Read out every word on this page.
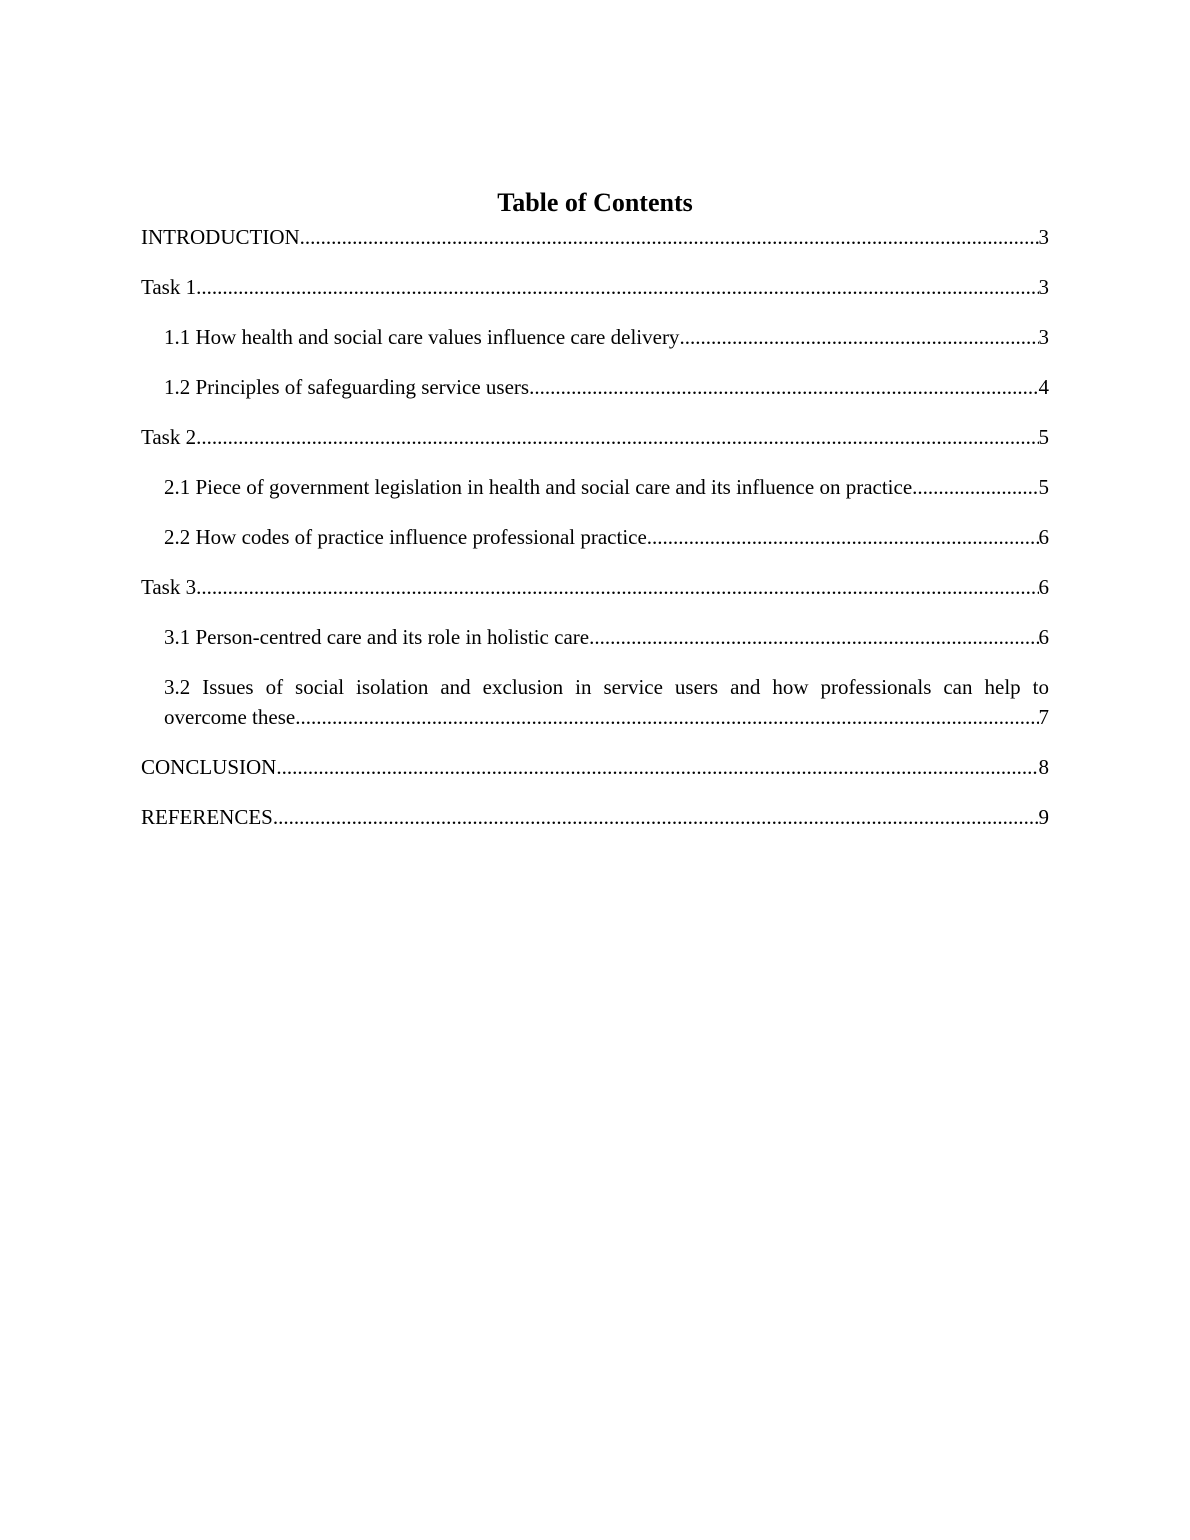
Table of Contents
INTRODUCTION .....	3
Task 1 .....	3
1.1 How health and social care values influence care delivery .....	3
1.2 Principles of safeguarding service users .....	4
Task 2 .....	5
2.1 Piece of government legislation in health and social care and its influence on practice .....	5
2.2 How codes of practice influence professional practice .....	6
Task 3 .....	6
3.1 Person-centred care and its role in holistic care .....	6
3.2 Issues of social isolation and exclusion in service users and how professionals can help to
overcome these .....	7
CONCLUSION .....	8
REFERENCES .....	9
